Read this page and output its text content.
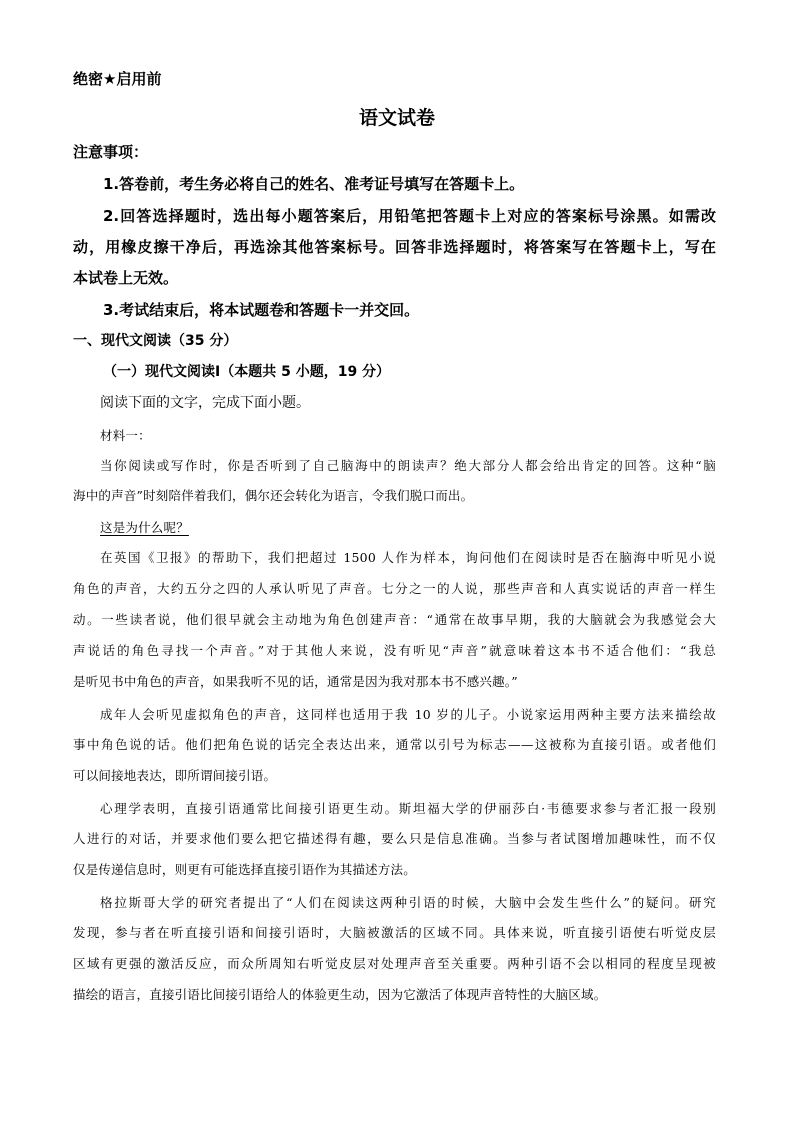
绝密★启用前
语文试卷
注意事项：
1.答卷前，考生务必将自己的姓名、准考证号填写在答题卡上。
2.回答选择题时，选出每小题答案后，用铅笔把答题卡上对应的答案标号涂黑。如需改
动，用橡皮擦干净后，再选涂其他答案标号。回答非选择题时，将答案写在答题卡上，写在
本试卷上无效。
3.考试结束后，将本试题卷和答题卡一并交回。
一、现代文阅读（35 分）
（一）现代文阅读Ⅰ（本题共 5 小题，19 分）
阅读下面的文字，完成下面小题。
材料一：
当你阅读或写作时，你是否听到了自己脑海中的朗读声？绝大部分人都会给出肯定的回答。这种“脑
海中的声音”时刻陪伴着我们，偶尔还会转化为语言，令我们脱口而出。
这是为什么呢？
在英国《卫报》的帮助下，我们把超过 1500 人作为样本，询问他们在阅读时是否在脑海中听见小说
角色的声音，大约五分之四的人承认听见了声音。七分之一的人说，那些声音和人真实说话的声音一样生
动。一些读者说，他们很早就会主动地为角色创建声音：“通常在故事早期，我的大脑就会为我感觉会大
声说话的角色寻找一个声音。”对于其他人来说，没有听见“声音”就意味着这本书不适合他们：“我总
是听见书中角色的声音，如果我听不见的话，通常是因为我对那本书不感兴趣。”
成年人会听见虚拟角色的声音，这同样也适用于我 10 岁的儿子。小说家运用两种主要方法来描绘故
事中角色说的话。他们把角色说的话完全表达出来，通常以引号为标志——这被称为直接引语。或者他们
可以间接地表达，即所谓间接引语。
心理学表明，直接引语通常比间接引语更生动。斯坦福大学的伊丽莎白·韦德要求参与者汇报一段别
人进行的对话，并要求他们要么把它描述得有趣，要么只是信息准确。当参与者试图增加趣味性，而不仅
仅是传递信息时，则更有可能选择直接引语作为其描述方法。
格拉斯哥大学的研究者提出了“人们在阅读这两种引语的时候，大脑中会发生些什么”的疑问。研究
发现，参与者在听直接引语和间接引语时，大脑被激活的区域不同。具体来说，听直接引语使右听觉皮层
区域有更强的激活反应，而众所周知右听觉皮层对处理声音至关重要。两种引语不会以相同的程度呈现被
描绘的语言，直接引语比间接引语给人的体验更生动，因为它激活了体现声音特性的大脑区域。
